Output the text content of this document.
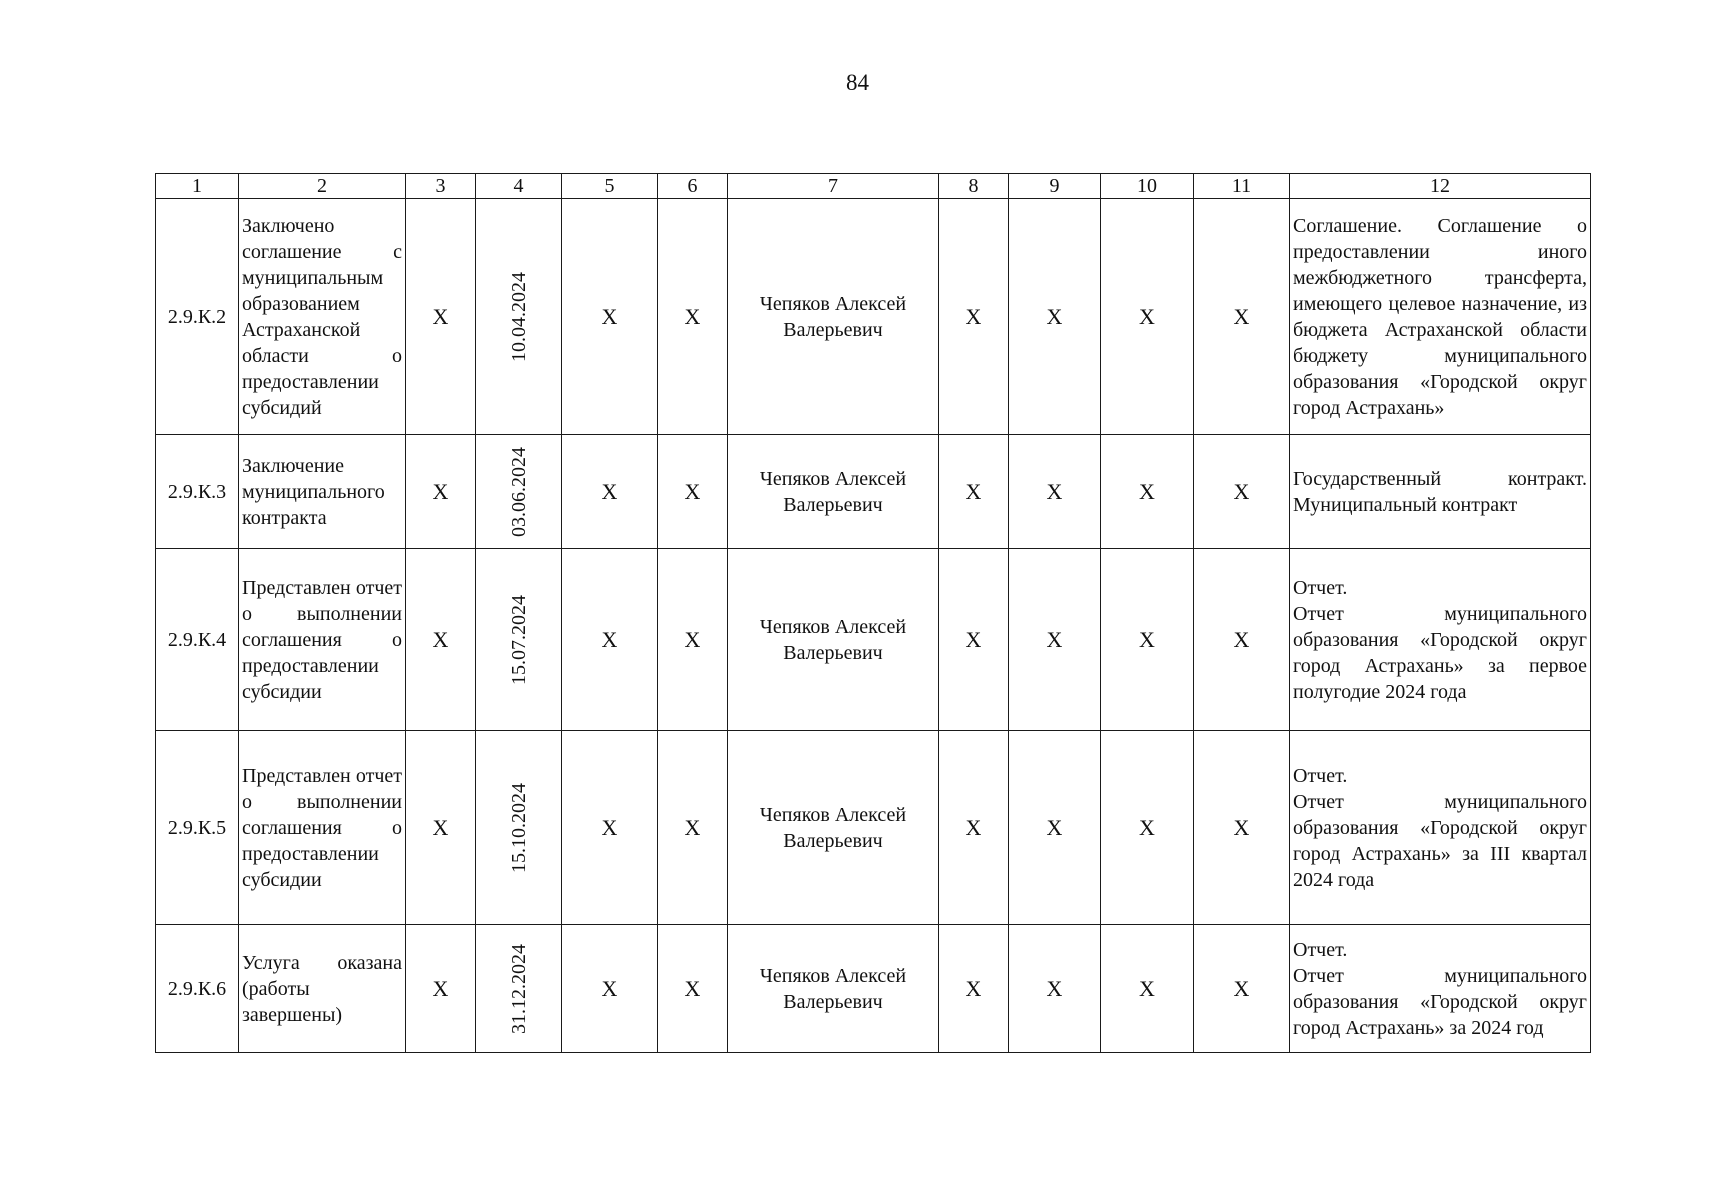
84
1	2	3	4	5	6	7	8	9	10	11	12
2.9.К.2	Заключено соглашение с муниципальным образованием Астраханской области о предоставлении субсидий	X	10.04.2024	X	X	Чепяков Алексей Валерьевич	X	X	X	X	Соглашение. Соглашение о предоставлении иного межбюджетного трансферта, имеющего целевое назначение, из бюджета Астраханской области бюджету муниципального образования «Городской округ город Астрахань»
2.9.К.3	Заключение муниципального контракта	X	03.06.2024	X	X	Чепяков Алексей Валерьевич	X	X	X	X	Государственный контракт. Муниципальный контракт
2.9.К.4	Представлен отчет о выполнении соглашения о предоставлении субсидии	X	15.07.2024	X	X	Чепяков Алексей Валерьевич	X	X	X	X	Отчет.
Отчет муниципального образования «Городской округ город Астрахань» за первое полугодие 2024 года

2.9.К.5	Представлен отчет о выполнении соглашения о предоставлении субсидии	X	15.10.2024	X	X	Чепяков Алексей Валерьевич	X	X	X	X	Отчет.
Отчет муниципального образования «Городской округ город Астрахань» за III квартал 2024 года

2.9.К.6	Услуга оказана (работы завершены)	X	31.12.2024	X	X	Чепяков Алексей Валерьевич	X	X	X	X	Отчет.
Отчет муниципального образования «Городской округ город Астрахань» за 2024 год
